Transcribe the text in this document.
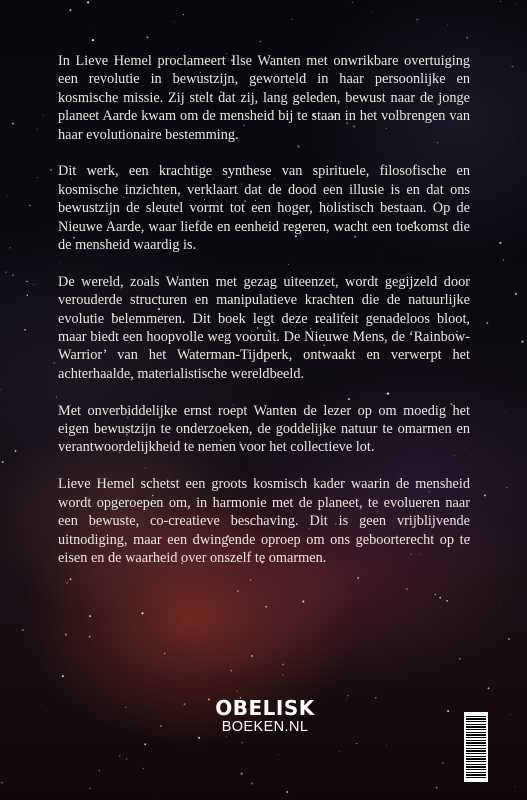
In Lieve Hemel proclameert Ilse Wanten met onwrikbare overtuiging een revolutie in bewustzijn, geworteld in haar persoonlijke en kosmische missie. Zij stelt dat zij, lang geleden, bewust naar de jonge planeet Aarde kwam om de mensheid bij te staan in het volbrengen van haar evolutionaire bestemming.

Dit werk, een krachtige synthese van spirituele, filosofische en kosmische inzichten, verklaart dat de dood een illusie is en dat ons bewustzijn de sleutel vormt tot een hoger, holistisch bestaan. Op de Nieuwe Aarde, waar liefde en eenheid regeren, wacht een toekomst die de mensheid waardig is.

De wereld, zoals Wanten met gezag uiteenzet, wordt gegijzeld door verouderde structuren en manipulatieve krachten die de natuurlijke evolutie belemmeren. Dit boek legt deze realiteit genadeloos bloot, maar biedt een hoopvolle weg vooruit. De Nieuwe Mens, de ‘Rainbow-Warrior’ van het Waterman-Tijdperk, ontwaakt en verwerpt het achterhaalde, materialistische wereldbeeld.

Met onverbiddelijke ernst roept Wanten de lezer op om moedig het eigen bewustzijn te onderzoeken, de goddelijke natuur te omarmen en verantwoordelijkheid te nemen voor het collectieve lot.

Lieve Hemel schetst een groots kosmisch kader waarin de mensheid wordt opgeroepen om, in harmonie met de planeet, te evolueren naar een bewuste, co-creatieve beschaving. Dit is geen vrijblijvende uitnodiging, maar een dwingende oproep om ons geboorterecht op te eisen en de waarheid over onszelf te omarmen.

OBELISK
BOEKEN.NL
